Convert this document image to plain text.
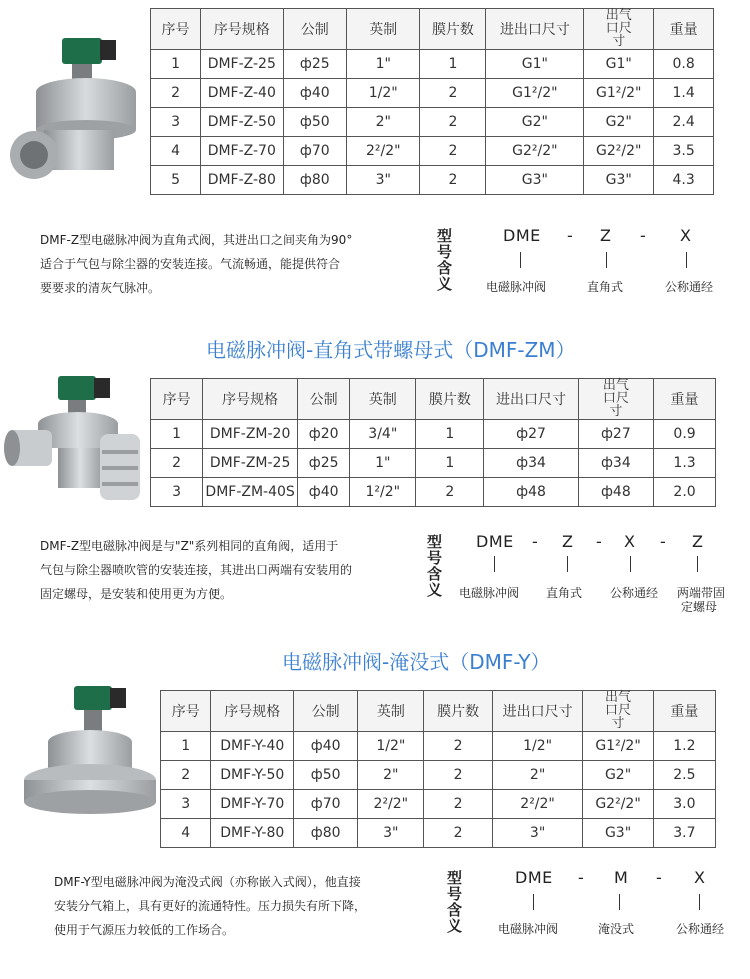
序号	序号规格	公制	英制	膜片数	进出口尺寸	出气口尺寸	重量
1	DMF-Z-25	ф25	1"	1	G1"	G1"	0.8
2	DMF-Z-40	ф40	1/2"	2	G1²/2"	G1²/2"	1.4
3	DMF-Z-50	ф50	2"	2	G2"	G2"	2.4
4	DMF-Z-70	ф70	2²/2"	2	G2²/2"	G2²/2"	3.5
5	DMF-Z-80	ф80	3"	2	G3"	G3"	4.3
DMF-Z型电磁脉冲阀为直角式阀，其进出口之间夹角为90°
适合于气包与除尘器的安装连接。气流畅通，能提供符合
要要求的清灰气脉冲。
型号含义
DME - Z - X
电磁脉冲阀	直角式	公称通经
电磁脉冲阀-直角式带螺母式（DMF-ZM）
序号	序号规格	公制	英制	膜片数	进出口尺寸	出气口尺寸	重量
1	DMF-ZM-20	ф20	3/4"	1	ф27	ф27	0.9
2	DMF-ZM-25	ф25	1"	1	ф34	ф34	1.3
3	DMF-ZM-40S	ф40	1²/2"	2	ф48	ф48	2.0
DMF-Z型电磁脉冲阀是与"Z"系列相同的直角阀，适用于
气包与除尘器喷吹管的安装连接，其进出口两端有安装用的
固定螺母，是安装和使用更为方便。
型号含义
DME - Z - X - Z
电磁脉冲阀 直角式 公称通经 两端带固
定螺母
电磁脉冲阀-淹没式（DMF-Y）
序号	序号规格	公制	英制	膜片数	进出口尺寸	出气口尺寸	重量
1	DMF-Y-40	ф40	1/2"	2	1/2"	G1²/2"	1.2
2	DMF-Y-50	ф50	2"	2	2"	G2"	2.5
3	DMF-Y-70	ф70	2²/2"	2	2²/2"	G2²/2"	3.0
4	DMF-Y-80	ф80	3"	2	3"	G3"	3.7
DMF-Y型电磁脉冲阀为淹没式阀（亦称嵌入式阀），他直接
安装分气箱上，具有更好的流通特性。压力损失有所下降，
使用于气源压力较低的工作场合。
型号含义
DME - M - X
电磁脉冲阀	淹没式	公称通经
